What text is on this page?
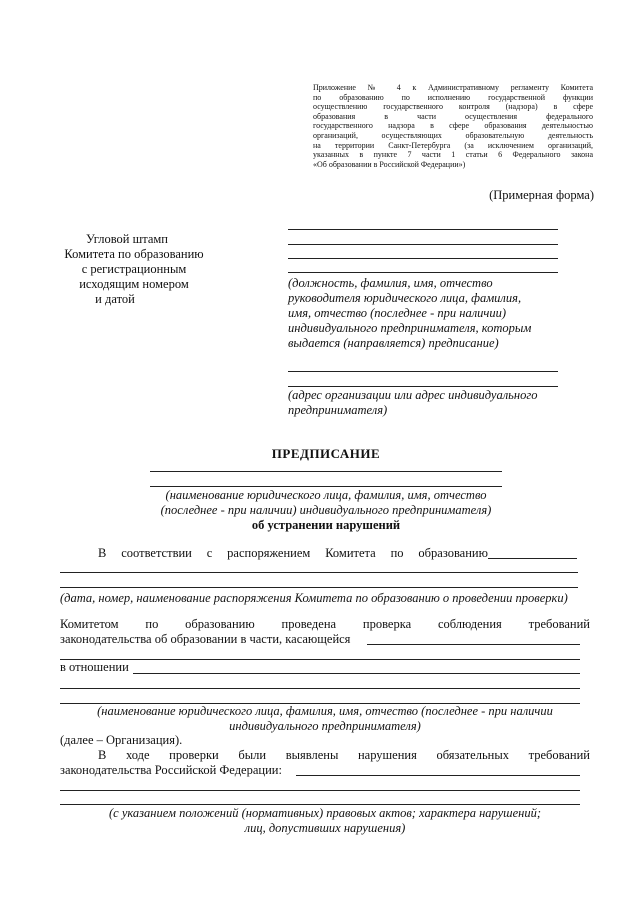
Приложение № 4 к Административному регламенту Комитета
по образованию по исполнению государственной функции
осуществлению государственного контроля (надзора) в сфере
образования в части осуществления федерального
государственного надзора в сфере образования деятельностью
организаций, осуществляющих образовательную деятельность
на территории Санкт-Петербурга (за исключением организаций,
указанных в пункте 7 части 1 статьи 6 Федерального закона
«Об образовании в Российской Федерации»)
(Примерная форма)
Угловой штамп
Комитета по образованию
с регистрационным
исходящим номером
и датой
(должность, фамилия, имя, отчество
руководителя юридического лица, фамилия,
имя, отчество (последнее - при наличии)
индивидуального предпринимателя, которым
выдается (направляется) предписание)
(адрес организации или адрес индивидуального
предпринимателя)
ПРЕДПИСАНИЕ
(наименование юридического лица, фамилия, имя, отчество
(последнее - при наличии) индивидуального предпринимателя)
об устранении нарушений
В соответствии с распоряжением Комитета по образованию
(дата, номер, наименование распоряжения Комитета по образованию о проведении проверки)
Комитетом по образованию проведена проверка соблюдения требований
законодательства об образовании в части, касающейся
в отношении
(наименование юридического лица, фамилия, имя, отчество (последнее - при наличии
индивидуального предпринимателя)
(далее – Организация).
В ходе проверки были выявлены нарушения обязательных требований
законодательства Российской Федерации:
(с указанием положений (нормативных) правовых актов; характера нарушений;
лиц, допустивших нарушения)
